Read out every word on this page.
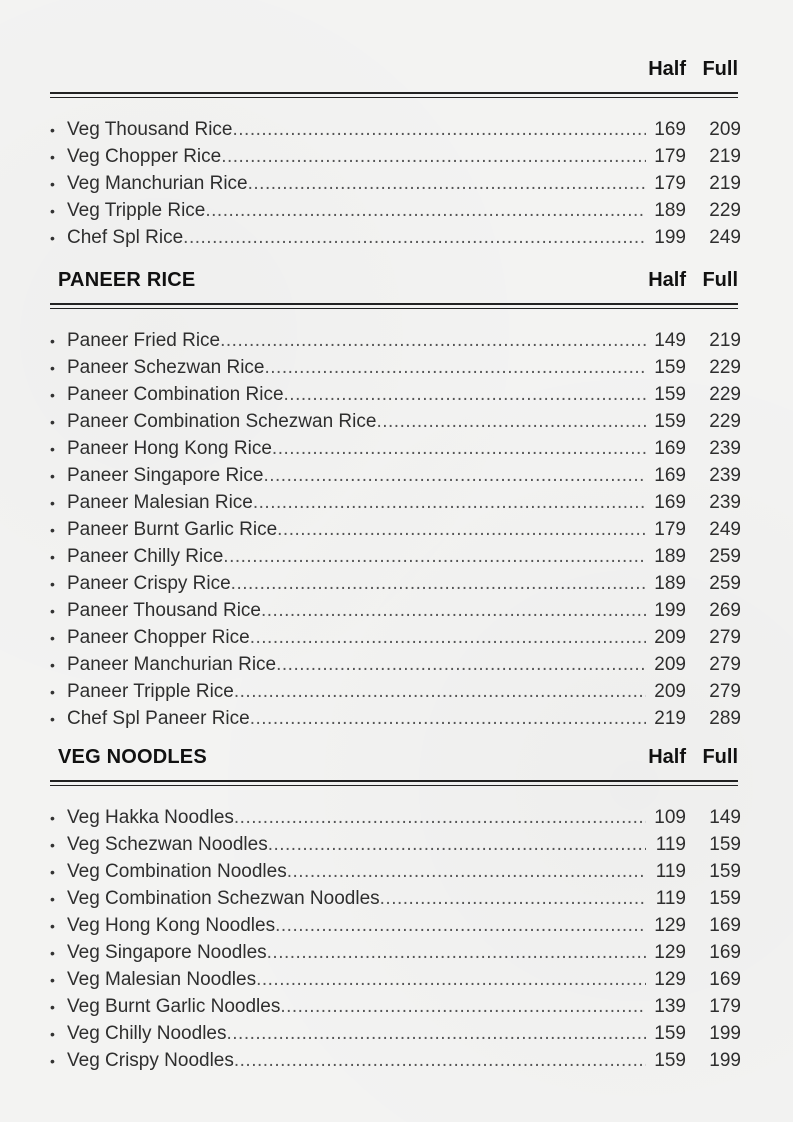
Half Full
• Veg Thousand Rice .....	169	209
• Veg Chopper Rice .....	179	219
• Veg Manchurian Rice .....	179	219
• Veg Tripple Rice .....	189	229
• Chef Spl Rice .....	199	249
PANEER RICE	Half Full
• Paneer Fried Rice .....	149	219
• Paneer Schezwan Rice .....	159	229
• Paneer Combination Rice .....	159	229
• Paneer Combination Schezwan Rice .....	159	229
• Paneer Hong Kong Rice .....	169	239
• Paneer Singapore Rice .....	169	239
• Paneer Malesian Rice .....	169	239
• Paneer Burnt Garlic Rice .....	179	249
• Paneer Chilly Rice .....	189	259
• Paneer Crispy Rice .....	189	259
• Paneer Thousand Rice .....	199	269
• Paneer Chopper Rice .....	209	279
• Paneer Manchurian Rice .....	209	279
• Paneer Tripple Rice .....	209	279
• Chef Spl Paneer Rice .....	219	289
VEG NOODLES	Half Full
• Veg Hakka Noodles .....	109	149
• Veg Schezwan Noodles .....	119	159
• Veg Combination Noodles .....	119	159
• Veg Combination Schezwan Noodles .....	119	159
• Veg Hong Kong Noodles .....	129	169
• Veg Singapore Noodles .....	129	169
• Veg Malesian Noodles .....	129	169
• Veg Burnt Garlic Noodles .....	139	179
• Veg Chilly Noodles .....	159	199
• Veg Crispy Noodles .....	159	199
